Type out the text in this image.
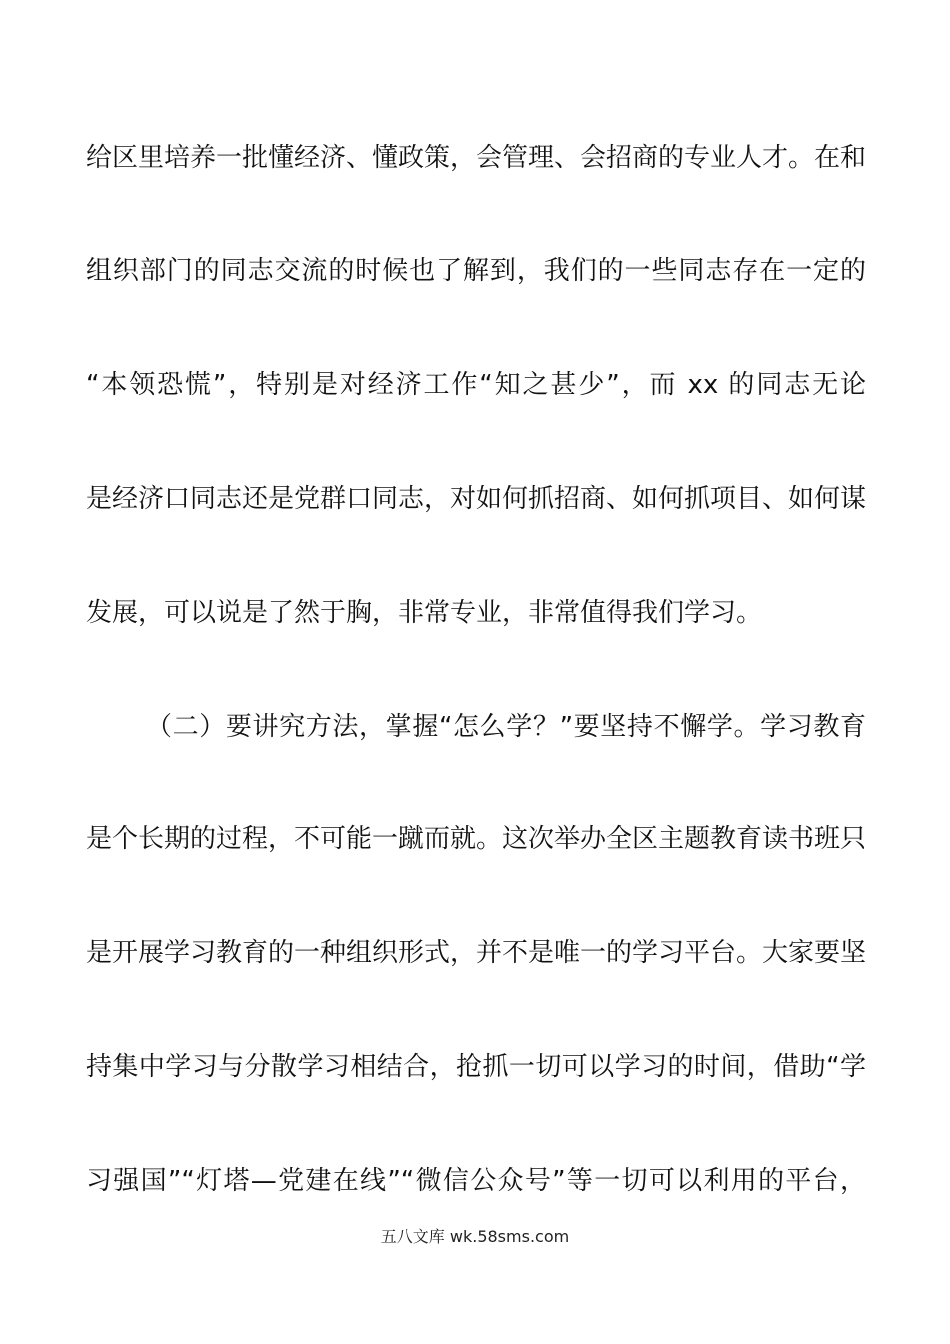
给区里培养一批懂经济、懂政策，会管理、会招商的专业人才。在和
组织部门的同志交流的时候也了解到，我们的一些同志存在一定的
“本领恐慌”，特别是对经济工作“知之甚少”，而 xx 的同志无论
是经济口同志还是党群口同志，对如何抓招商、如何抓项目、如何谋
发展，可以说是了然于胸，非常专业，非常值得我们学习。
（二）要讲究方法，掌握“怎么学？”要坚持不懈学。学习教育
是个长期的过程，不可能一蹴而就。这次举办全区主题教育读书班只
是开展学习教育的一种组织形式，并不是唯一的学习平台。大家要坚
持集中学习与分散学习相结合，抢抓一切可以学习的时间，借助“学
习强国”“灯塔—党建在线”“微信公众号”等一切可以利用的平台，
五八文库 wk.58sms.com
